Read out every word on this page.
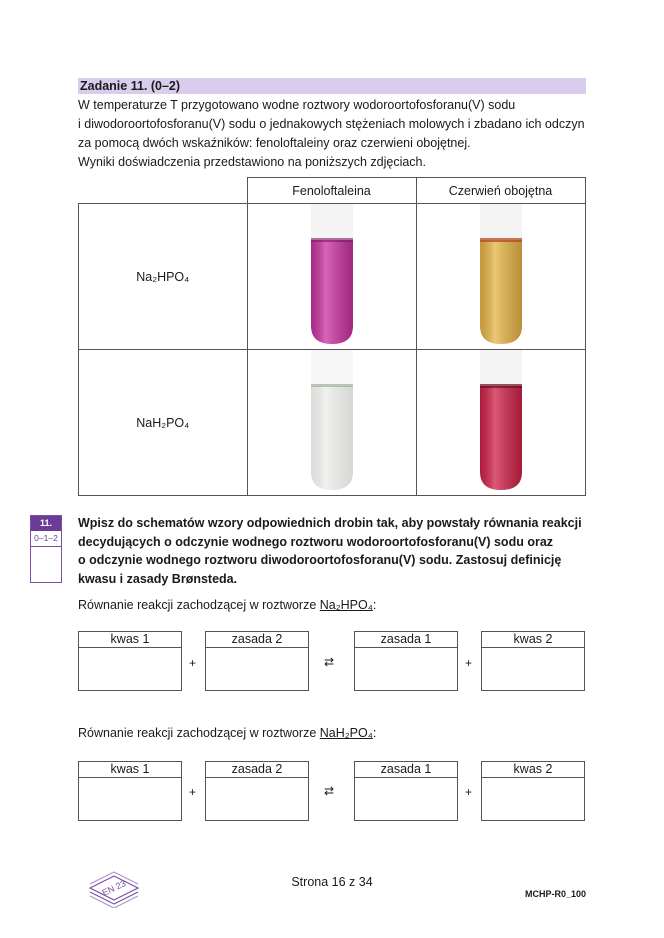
Zadanie 11. (0–2)

W temperaturze T przygotowano wodne roztwory wodoroortofosforanu(V) sodu

i diwodoroortofosforanu(V) sodu o jednakowych stężeniach molowych i zbadano ich odczyn

za pomocą dwóch wskaźników: fenoloftaleiny oraz czerwieni obojętnej.

Wyniki doświadczenia przedstawiono na poniższych zdjęciach.

	Fenoloftaleina	Czerwień obojętna
Na₂HPO₄		
NaH₂PO₄		
11.
0–1–2
Wpisz do schematów wzory odpowiednich drobin tak, aby powstały równania reakcji
decydujących o odczynie wodnego roztworu wodoroortofosforanu(V) sodu oraz
o odczynie wodnego roztworu diwodoroortofosforanu(V) sodu. Zastosuj definicję
kwasu i zasady Brønsteda.
Równanie reakcji zachodzącej w roztworze Na₂HPO₄:
kwas 1
+
zasada 2
⇄
zasada 1
+
kwas 2
Równanie reakcji zachodzącej w roztworze NaH₂PO₄:
kwas 1
+
zasada 2
⇄
zasada 1
+
kwas 2
EN 23	Strona 16 z 34
MCHP-R0_100
